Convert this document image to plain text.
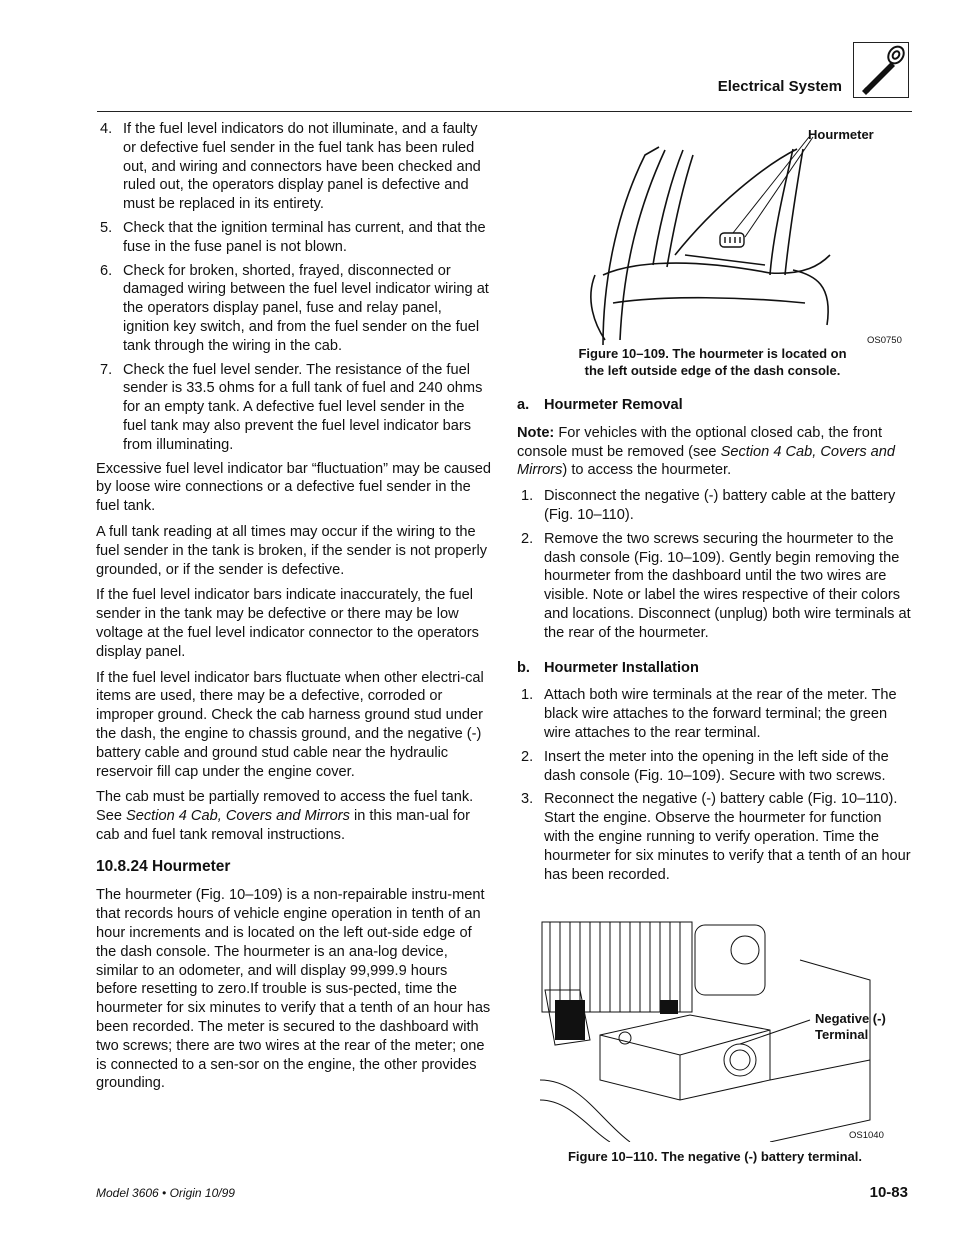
Electrical System
4. If the fuel level indicators do not illuminate, and a faulty or defective fuel sender in the fuel tank has been ruled out, and wiring and connectors have been checked and ruled out, the operators display panel is defective and must be replaced in its entirety.
5. Check that the ignition terminal has current, and that the fuse in the fuse panel is not blown.
6. Check for broken, shorted, frayed, disconnected or damaged wiring between the fuel level indicator wiring at the operators display panel, fuse and relay panel, ignition key switch, and from the fuel sender on the fuel tank through the wiring in the cab.
7. Check the fuel level sender. The resistance of the fuel sender is 33.5 ohms for a full tank of fuel and 240 ohms for an empty tank. A defective fuel level sender in the fuel tank may also prevent the fuel level indicator bars from illuminating.

Excessive fuel level indicator bar “fluctuation” may be caused by loose wire connections or a defective fuel sender in the fuel tank.

A full tank reading at all times may occur if the wiring to the fuel sender in the tank is broken, if the sender is not properly grounded, or if the sender is defective.

If the fuel level indicator bars indicate inaccurately, the fuel sender in the tank may be defective or there may be low voltage at the fuel level indicator connector to the operators display panel.

If the fuel level indicator bars fluctuate when other electri-cal items are used, there may be a defective, corroded or improper ground. Check the cab harness ground stud under the dash, the engine to chassis ground, and the negative (-) battery cable and ground stud cable near the hydraulic reservoir fill cap under the engine cover.

The cab must be partially removed to access the fuel tank. See Section 4 Cab, Covers and Mirrors in this man-ual for cab and fuel tank removal instructions.

10.8.24 Hourmeter

The hourmeter (Fig. 10–109) is a non-repairable instru-ment that records hours of vehicle engine operation in tenth of an hour increments and is located on the left out-side edge of the dash console. The hourmeter is an ana-log device, similar to an odometer, and will display 99,999.9 hours before resetting to zero.If trouble is sus-pected, time the hourmeter for six minutes to verify that a tenth of an hour has been recorded. The meter is secured to the dashboard with two screws; there are two wires at the rear of the meter; one is connected to a sen-sor on the engine, the other provides grounding.

Hourmeter
OS0750
Figure 10–109. The hourmeter is located on
the left outside edge of the dash console.
a. Hourmeter Removal

Note: For vehicles with the optional closed cab, the front console must be removed (see Section 4 Cab, Covers and Mirrors) to access the hourmeter.

1. Disconnect the negative (-) battery cable at the battery (Fig. 10–110).
2. Remove the two screws securing the hourmeter to the dash console (Fig. 10–109). Gently begin removing the hourmeter from the dashboard until the two wires are visible. Note or label the wires respective of their colors and locations. Disconnect (unplug) both wire terminals at the rear of the hourmeter.
b. Hourmeter Installation
1. Attach both wire terminals at the rear of the meter. The black wire attaches to the forward terminal; the green wire attaches to the rear terminal.
2. Insert the meter into the opening in the left side of the dash console (Fig. 10–109). Secure with two screws.
3. Reconnect the negative (-) battery cable (Fig. 10–110). Start the engine. Observe the hourmeter for function with the engine running to verify operation. Time the hourmeter for six minutes to verify that a tenth of an hour has been recorded.
Negative (-)
Terminal
OS1040
Figure 10–110. The negative (-) battery terminal.
Model 3606 • Origin 10/99	10-83
